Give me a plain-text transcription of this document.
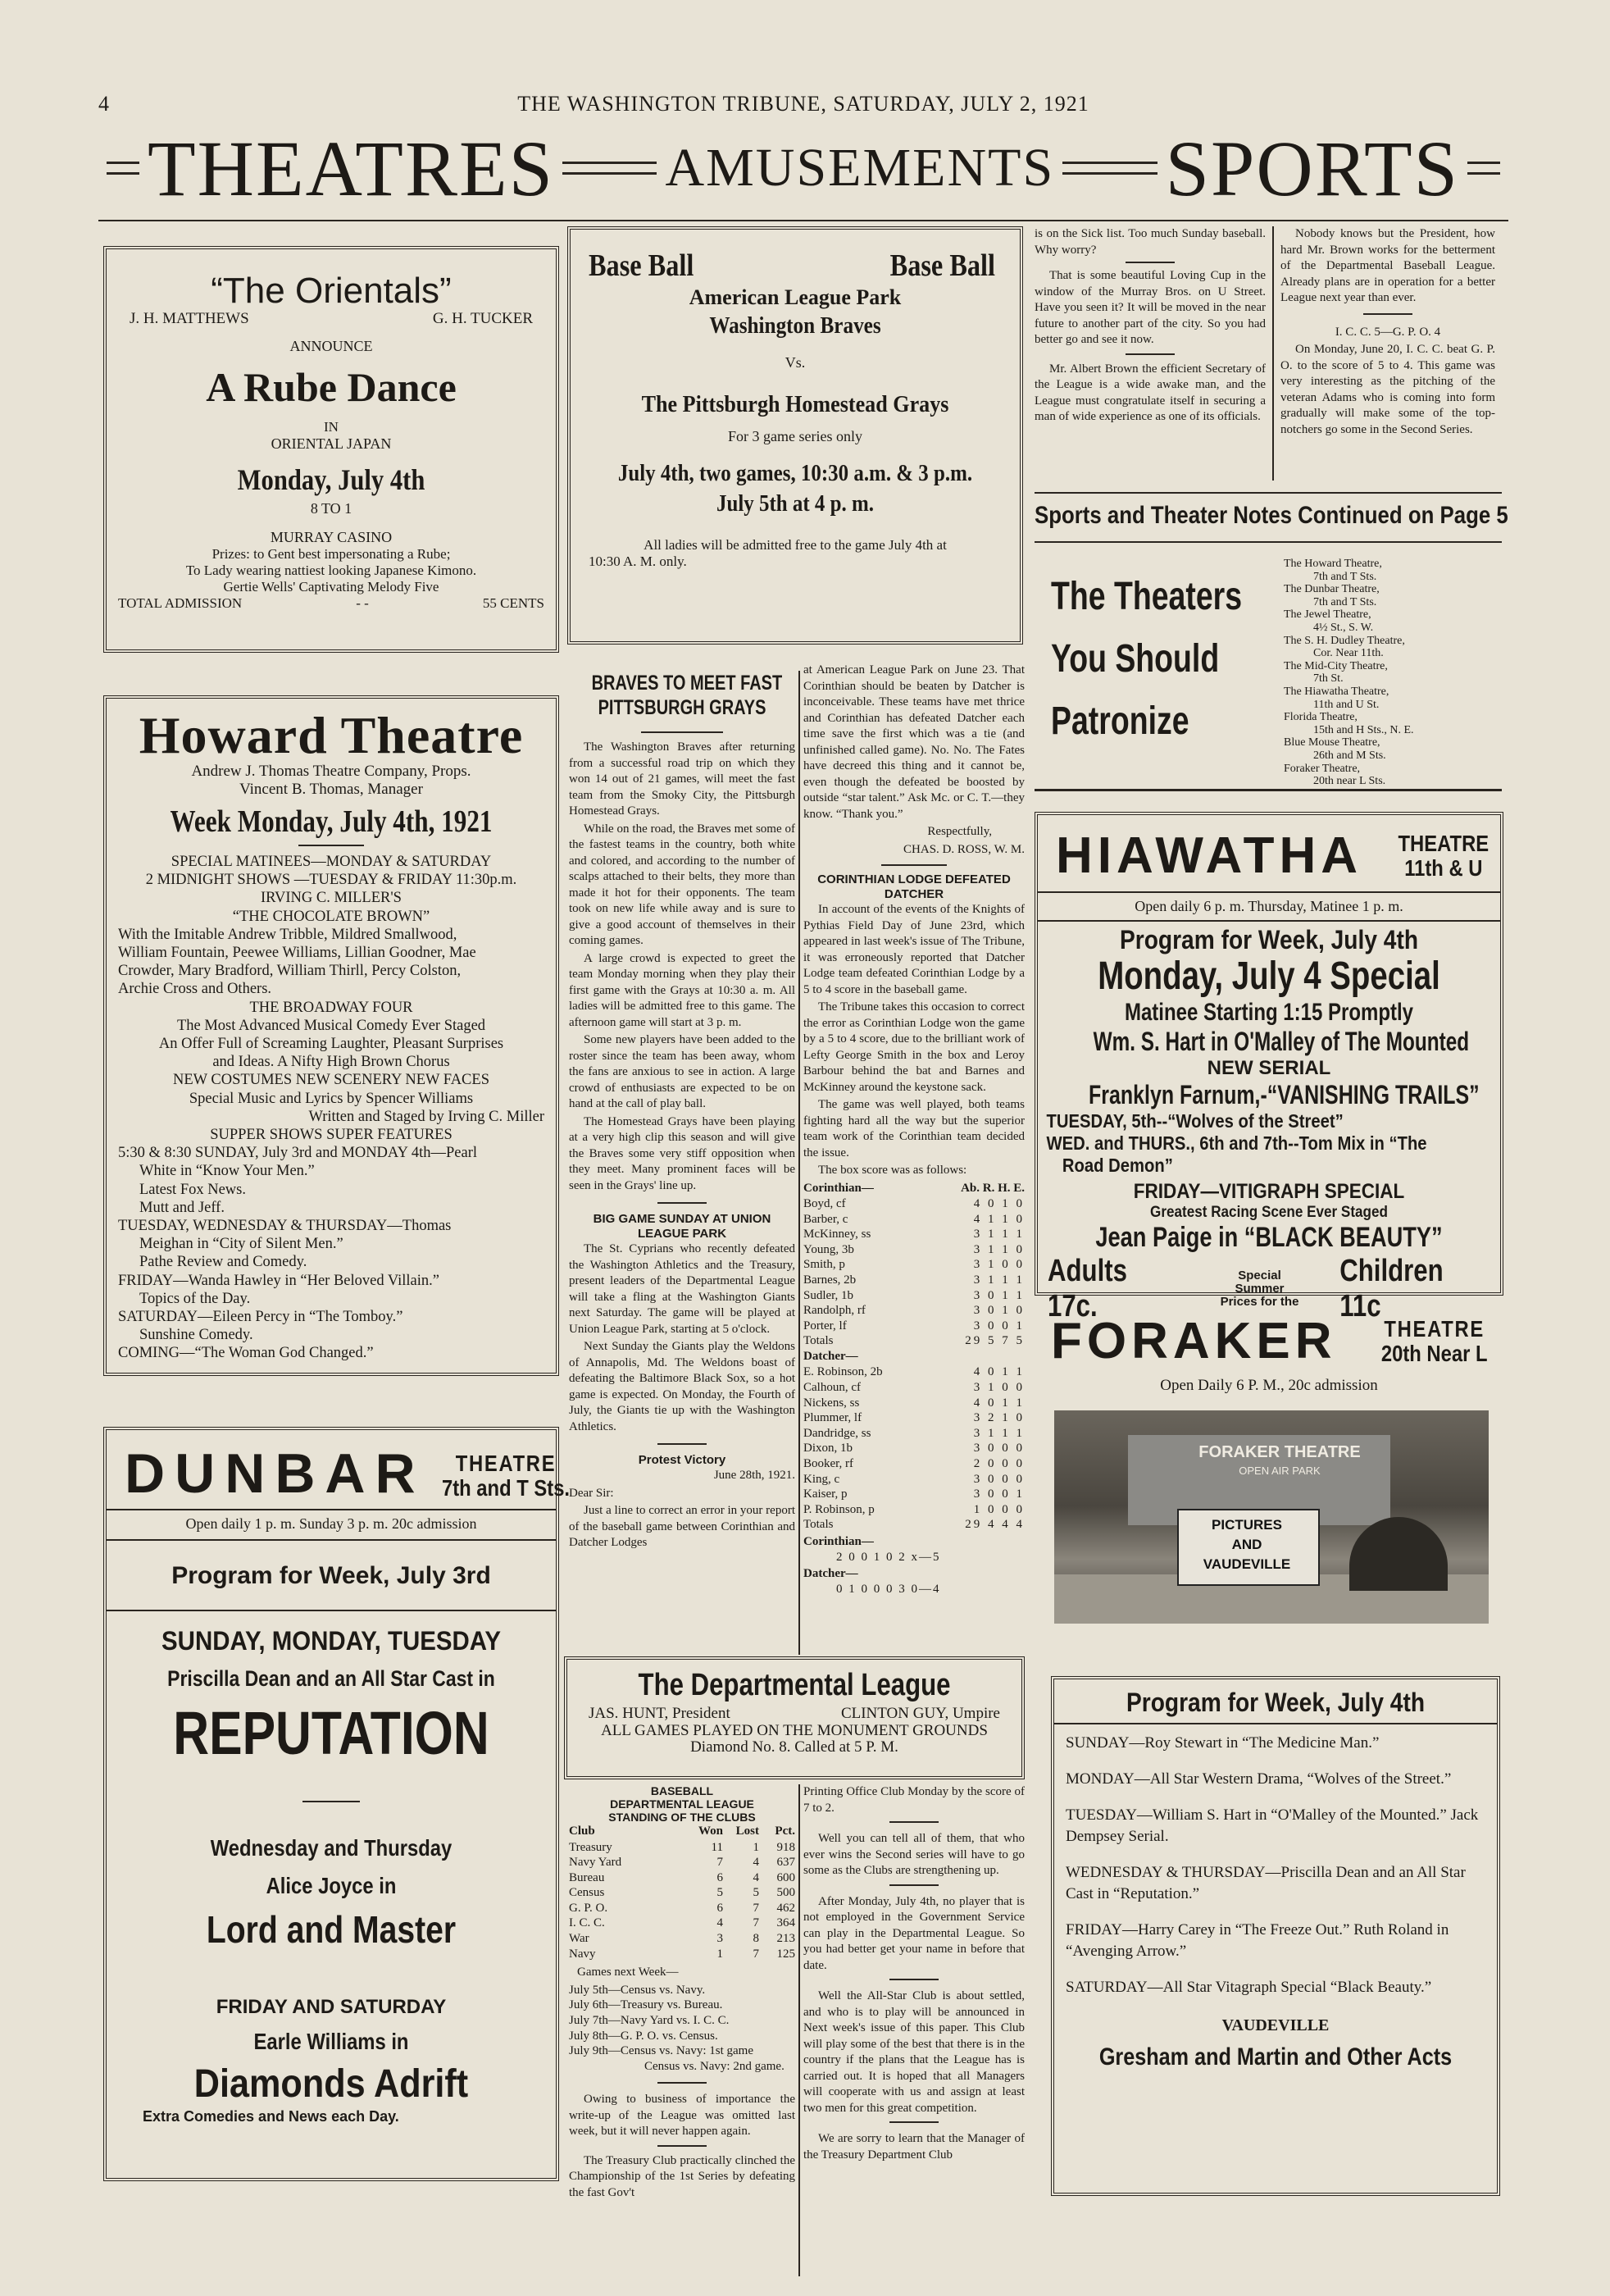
4	THE WASHINGTON TRIBUNE, SATURDAY, JULY 2, 1921
THEATRES AMUSEMENTS SPORTS
“The Orientals”
J. H. MATTHEWS	G. H. TUCKER
ANNOUNCE
A Rube Dance
IN
ORIENTAL JAPAN
Monday, July 4th
8 TO 1
MURRAY CASINO
Prizes: to Gent best impersonating a Rube;
To Lady wearing nattiest looking Japanese Kimono.
Gertie Wells' Captivating Melody Five
TOTAL ADMISSION	- -	55 CENTS
Base Ball	Base Ball
American League Park
Washington Braves
Vs.
The Pittsburgh Homestead Grays
For 3 game series only
July 4th, two games, 10:30 a.m. & 3 p.m.
July 5th at 4 p. m.
All ladies will be admitted free to the game July 4th at
10:30 A. M. only.

is on the Sick list. Too much Sunday baseball. Why worry?

That is some beautiful Loving Cup in the window of the Murray Bros. on U Street. Have you seen it? It will be moved in the near future to another part of the city. So you had better go and see it now.

Mr. Albert Brown the efficient Secretary of the League is a wide awake man, and the League must congratulate itself in securing a man of wide experience as one of its officials.

Nobody knows but the President, how hard Mr. Brown works for the betterment of the Departmental Baseball League. Already plans are in operation for a better League next year than ever.

I. C. C. 5—G. P. O. 4

On Monday, June 20, I. C. C. beat G. P. O. to the score of 5 to 4. This game was very interesting as the pitching of the veteran Adams who is coming into form gradually will make some of the top-notchers go some in the Second Series.

Sports and Theater Notes Continued on Page 5
The Theaters
You Should
Patronize
The Howard Theatre,
7th and T Sts.
The Dunbar Theatre,
7th and T Sts.
The Jewel Theatre,
4½ St., S. W.
The S. H. Dudley Theatre,
Cor. Near 11th.
The Mid-City Theatre,
7th St.
The Hiawatha Theatre,
11th and U St.
Florida Theatre,
15th and H Sts., N. E.
Blue Mouse Theatre,
26th and M Sts.
Foraker Theatre,
20th near L Sts.
Howard Theatre
Andrew J. Thomas Theatre Company, Props.
Vincent B. Thomas, Manager
Week Monday, July 4th, 1921
SPECIAL MATINEES—MONDAY & SATURDAY
2 MIDNIGHT SHOWS —TUESDAY & FRIDAY 11:30p.m.
IRVING C. MILLER'S
“THE CHOCOLATE BROWN”
With the Imitable Andrew Tribble, Mildred Smallwood,
William Fountain, Peewee Williams, Lillian Goodner, Mae
Crowder, Mary Bradford, William Thirll, Percy Colston,
Archie Cross and Others.
THE BROADWAY FOUR
The Most Advanced Musical Comedy Ever Staged
An Offer Full of Screaming Laughter, Pleasant Surprises
and Ideas. A Nifty High Brown Chorus
NEW COSTUMES NEW SCENERY NEW FACES
Special Music and Lyrics by Spencer Williams
Written and Staged by Irving C. Miller
SUPPER SHOWS SUPER FEATURES
5:30 & 8:30 SUNDAY, July 3rd and MONDAY 4th—Pearl
White in “Know Your Men.”
Latest Fox News.
Mutt and Jeff.
TUESDAY, WEDNESDAY & THURSDAY—Thomas
Meighan in “City of Silent Men.”
Pathe Review and Comedy.
FRIDAY—Wanda Hawley in “Her Beloved Villain.”
Topics of the Day.
SATURDAY—Eileen Percy in “The Tomboy.”
Sunshine Comedy.
COMING—“The Woman God Changed.”
BRAVES TO MEET FAST
PITTSBURGH GRAYS

The Washington Braves after returning from a successful road trip on which they won 14 out of 21 games, will meet the fast team from the Smoky City, the Pittsburgh Homestead Grays.

While on the road, the Braves met some of the fastest teams in the country, both white and colored, and according to the number of scalps attached to their belts, they more than made it hot for their opponents. The team took on new life while away and is sure to give a good account of themselves in their coming games.

A large crowd is expected to greet the team Monday morning when they play their first game with the Grays at 10:30 a. m. All ladies will be admitted free to this game. The afternoon game will start at 3 p. m.

Some new players have been added to the roster since the team has been away, whom the fans are anxious to see in action. A large crowd of enthusiasts are expected to be on hand at the call of play ball.

The Homestead Grays have been playing at a very high clip this season and will give the Braves some very stiff opposition when they meet. Many prominent faces will be seen in the Grays' line up.

BIG GAME SUNDAY AT UNION LEAGUE PARK

The St. Cyprians who recently defeated the Washington Athletics and the Treasury, present leaders of the Departmental League will take a fling at the Washington Giants next Saturday. The game will be played at Union League Park, starting at 5 o'clock.

Next Sunday the Giants play the Weldons of Annapolis, Md. The Weldons boast of defeating the Baltimore Black Sox, so a hot game is expected. On Monday, the Fourth of July, the Giants tie up with the Washington Athletics.

Protest Victory

June 28th, 1921.

Dear Sir:

Just a line to correct an error in your report of the baseball game between Corinthian and Datcher Lodges

at American League Park on June 23. That Corinthian should be beaten by Datcher is inconceivable. These teams have met thrice and Corinthian has defeated Datcher each time save the first which was a tie (and unfinished called game). No. No. The Fates have decreed this thing and it cannot be, even though the defeated be boosted by outside “star talent.” Ask Mc. or C. T.—they know. “Thank you.”

Respectfully,

CHAS. D. ROSS, W. M.

CORINTHIAN LODGE DEFEATED DATCHER

In account of the events of the Knights of Pythias Field Day of June 23rd, which appeared in last week's issue of The Tribune, it was erroneously reported that Datcher Lodge team defeated Corinthian Lodge by a 5 to 4 score in the baseball game.

The Tribune takes this occasion to correct the error as Corinthian Lodge won the game by a 5 to 4 score, due to the brilliant work of Lefty George Smith in the box and Leroy Barbour behind the bat and Barnes and McKinney around the keystone sack.

The game was well played, both teams fighting hard all the way but the superior team work of the Corinthian team decided the issue.

The box score was as follows:

Corinthian—	Ab. R. H. E.
Boyd, cf	4 0 1 0
Barber, c	4 1 1 0
McKinney, ss	3 1 1 1
Young, 3b	3 1 1 0
Smith, p	3 1 0 0
Barnes, 2b	3 1 1 1
Sudler, 1b	3 0 1 1
Randolph, rf	3 0 1 0
Porter, lf	3 0 0 1
Totals	29 5 7 5
Datcher—
E. Robinson, 2b	4 0 1 1
Calhoun, cf	3 1 0 0
Nickens, ss	4 0 1 1
Plummer, lf	3 2 1 0
Dandridge, ss	3 1 1 1
Dixon, 1b	3 0 0 0
Booker, rf	2 0 0 0
King, c	3 0 0 0
Kaiser, p	3 0 0 1
P. Robinson, p	1 0 0 0
Totals	29 4 4 4
Corinthian—
2 0 0 1 0 2 x—5
Datcher—
0 1 0 0 0 3 0—4
The Departmental League
JAS. HUNT, President	CLINTON GUY, Umpire
ALL GAMES PLAYED ON THE MONUMENT GROUNDS
Diamond No. 8. Called at 5 P. M.
BASEBALL
DEPARTMENTAL LEAGUE
STANDING OF THE CLUBS
Club	Won	Lost	Pct.
Treasury	11	1	918
Navy Yard	7	4	637
Bureau	6	4	600
Census	5	5	500
G. P. O.	6	7	462
I. C. C.	4	7	364
War	3	8	213
Navy	1	7	125

Games next Week—

July 5th—Census vs. Navy.
July 6th—Treasury vs. Bureau.
July 7th—Navy Yard vs. I. C. C.
July 8th—G. P. O. vs. Census.
July 9th—Census vs. Navy: 1st game
Census vs. Navy: 2nd game.

Owing to business of importance the write-up of the League was omitted last week, but it will never happen again.

The Treasury Club practically clinched the Championship of the 1st Series by defeating the fast Gov't

Printing Office Club Monday by the score of 7 to 2.

Well you can tell all of them, that who ever wins the Second series will have to go some as the Clubs are strengthening up.

After Monday, July 4th, no player that is not employed in the Government Service can play in the Departmental League. So you had better get your name in before that date.

Well the All-Star Club is about settled, and who is to play will be announced in Next week's issue of this paper. This Club will play some of the best that there is in the country if the plans that the League has is carried out. It is hoped that all Managers will cooperate with us and assign at least two men for this great competition.

We are sorry to learn that the Manager of the Treasury Department Club

DUNBAR	THEATRE
7th and T Sts.
Open daily 1 p. m. Sunday 3 p. m. 20c admission
Program for Week, July 3rd
SUNDAY, MONDAY, TUESDAY
Priscilla Dean and an All Star Cast in
REPUTATION
Wednesday and Thursday
Alice Joyce in
Lord and Master
FRIDAY AND SATURDAY
Earle Williams in
Diamonds Adrift
Extra Comedies and News each Day.
HIAWATHA THEATRE
11th & U
Open daily 6 p. m. Thursday, Matinee 1 p. m.
Program for Week, July 4th
Monday, July 4 Special
Matinee Starting 1:15 Promptly
Wm. S. Hart in O'Malley of The Mounted
NEW SERIAL
Franklyn Farnum,-“VANISHING TRAILS”
TUESDAY, 5th--“Wolves of the Street”
WED. and THURS., 6th and 7th--Tom Mix in “The
Road Demon”
FRIDAY—VITIGRAPH SPECIAL
Greatest Racing Scene Ever Staged
Jean Paige in “BLACK BEAUTY”
Adults 17c.
Special Summer
Prices for the
Children 11c
FORAKER THEATRE
20th Near L
Open Daily 6 P. M., 20c admission
FORAKER THEATRE
OPEN AIR PARK
PICTURES
AND
VAUDEVILLE
Program for Week, July 4th
SUNDAY—Roy Stewart in “The Medicine Man.”
MONDAY—All Star Western Drama, “Wolves of the Street.”
TUESDAY—William S. Hart in “O'Malley of the Mounted.” Jack Dempsey Serial.
WEDNESDAY & THURSDAY—Priscilla Dean and an All Star Cast in “Reputation.”
FRIDAY—Harry Carey in “The Freeze Out.” Ruth Roland in “Avenging Arrow.”
SATURDAY—All Star Vitagraph Special “Black Beauty.”
VAUDEVILLE
Gresham and Martin and Other Acts
